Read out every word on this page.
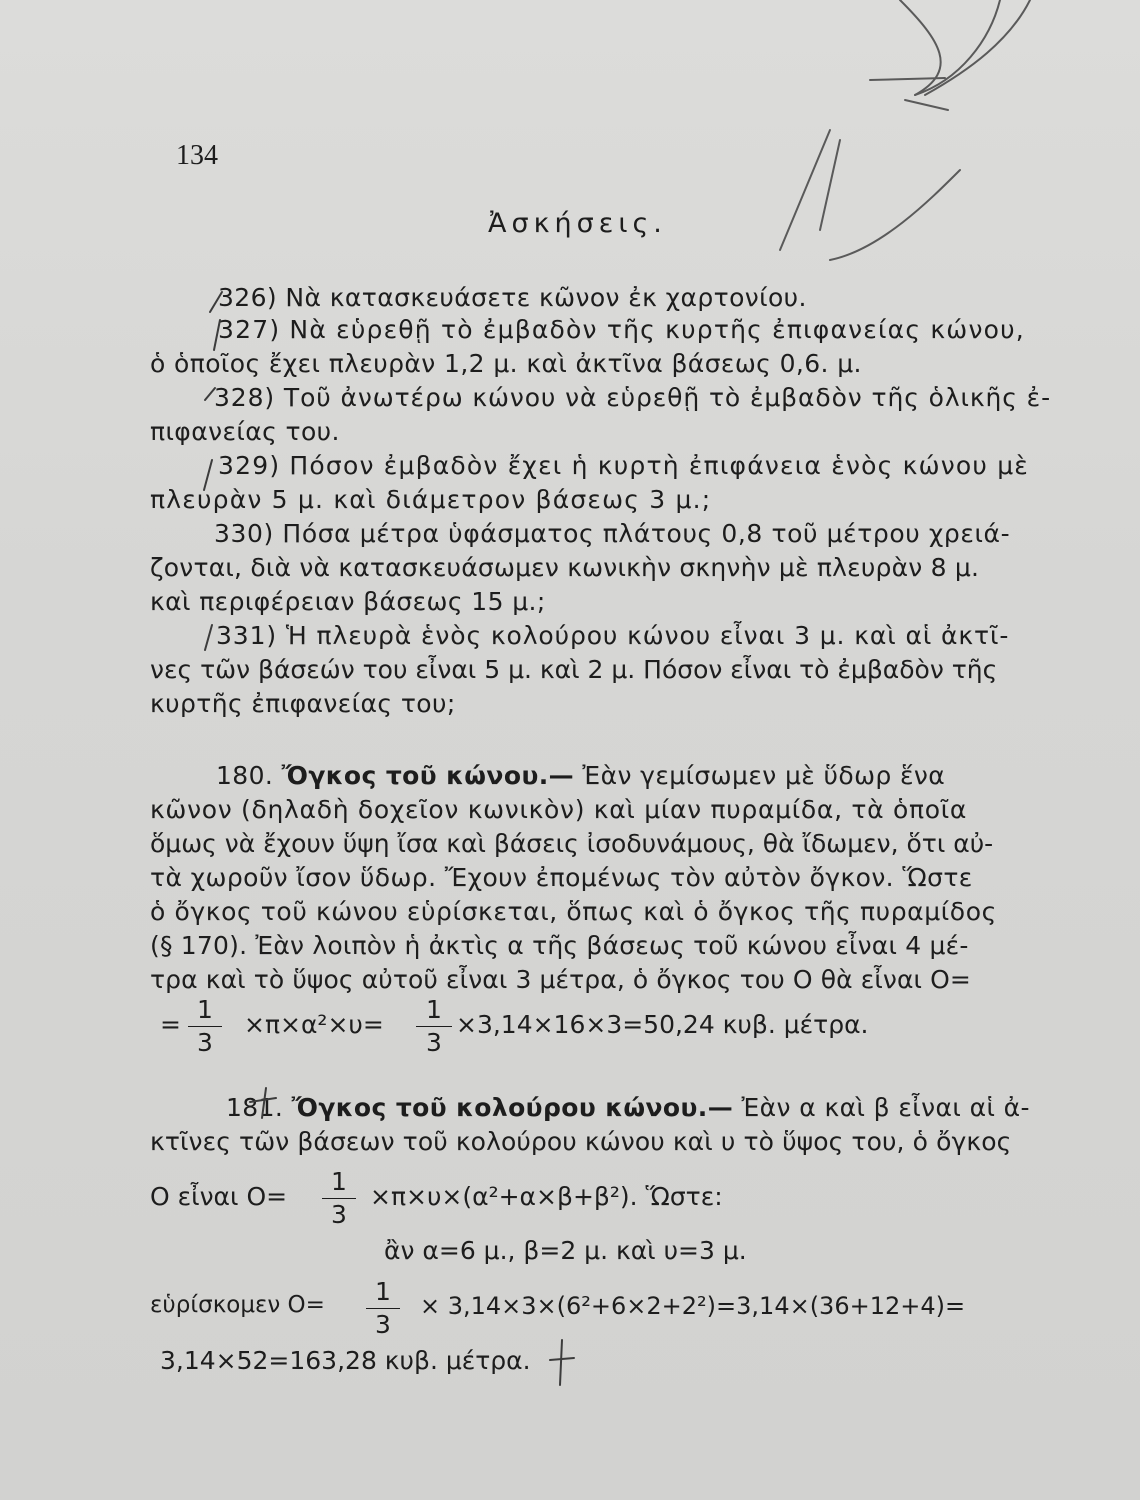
134
Ἀσκήσεις.
326) Νὰ κατασκευάσετε κῶνον ἐκ χαρτονίου.
327) Νὰ εὑρεθῇ τὸ ἐμβαδὸν τῆς κυρτῆς ἐπιφανείας κώνου,
ὁ ὁποῖος ἔχει πλευρὰν 1,2 μ. καὶ ἀκτῖνα βάσεως 0,6. μ.
328) Τοῦ ἀνωτέρω κώνου νὰ εὑρεθῇ τὸ ἐμβαδὸν τῆς ὁλικῆς ἐ-
πιφανείας του.
329) Πόσον ἐμβαδὸν ἔχει ἡ κυρτὴ ἐπιφάνεια ἑνὸς κώνου μὲ
πλευρὰν 5 μ. καὶ διάμετρον βάσεως 3 μ.;
330) Πόσα μέτρα ὑφάσματος πλάτους 0,8 τοῦ μέτρου χρειά-
ζονται, διὰ νὰ κατασκευάσωμεν κωνικὴν σκηνὴν μὲ πλευρὰν 8 μ.
καὶ περιφέρειαν βάσεως 15 μ.;
331) Ἡ πλευρὰ ἑνὸς κολούρου κώνου εἶναι 3 μ. καὶ αἱ ἀκτῖ-
νες τῶν βάσεών του εἶναι 5 μ. καὶ 2 μ. Πόσον εἶναι τὸ ἐμβαδὸν τῆς
κυρτῆς ἐπιφανείας του;
180. Ὄγκος τοῦ κώνου.— Ἐὰν γεμίσωμεν μὲ ὕδωρ ἕνα
κῶνον (δηλαδὴ δοχεῖον κωνικὸν) καὶ μίαν πυραμίδα, τὰ ὁποῖα
ὅμως νὰ ἔχουν ὕψη ἴσα καὶ βάσεις ἰσοδυνάμους, θὰ ἴδωμεν, ὅτι αὐ-
τὰ χωροῦν ἴσον ὕδωρ. Ἔχουν ἐπομένως τὸν αὐτὸν ὄγκον. Ὥστε
ὁ ὄγκος τοῦ κώνου εὑρίσκεται, ὅπως καὶ ὁ ὄγκος τῆς πυραμίδος
(§ 170). Ἐὰν λοιπὸν ἡ ἀκτὶς α τῆς βάσεως τοῦ κώνου εἶναι 4 μέ-
τρα καὶ τὸ ὕψος αὐτοῦ εἶναι 3 μέτρα, ὁ ὄγκος του Ο θὰ εἶναι Ο=
=
1
3
×π×α²×υ=
1
3
×3,14×16×3=50,24 κυβ. μέτρα.
181. Ὄγκος τοῦ κολούρου κώνου.— Ἐὰν α καὶ β εἶναι αἱ ἀ-
κτῖνες τῶν βάσεων τοῦ κολούρου κώνου καὶ υ τὸ ὕψος του, ὁ ὄγκος
Ο εἶναι Ο=
1
3
×π×υ×(α²+α×β+β²). Ὥστε:
ἂν α=6 μ., β=2 μ. καὶ υ=3 μ.
εὑρίσκομεν Ο=	1
3
× 3,14×3×(6²+6×2+2²)=3,14×(36+12+4)=
3,14×52=163,28 κυβ. μέτρα.
